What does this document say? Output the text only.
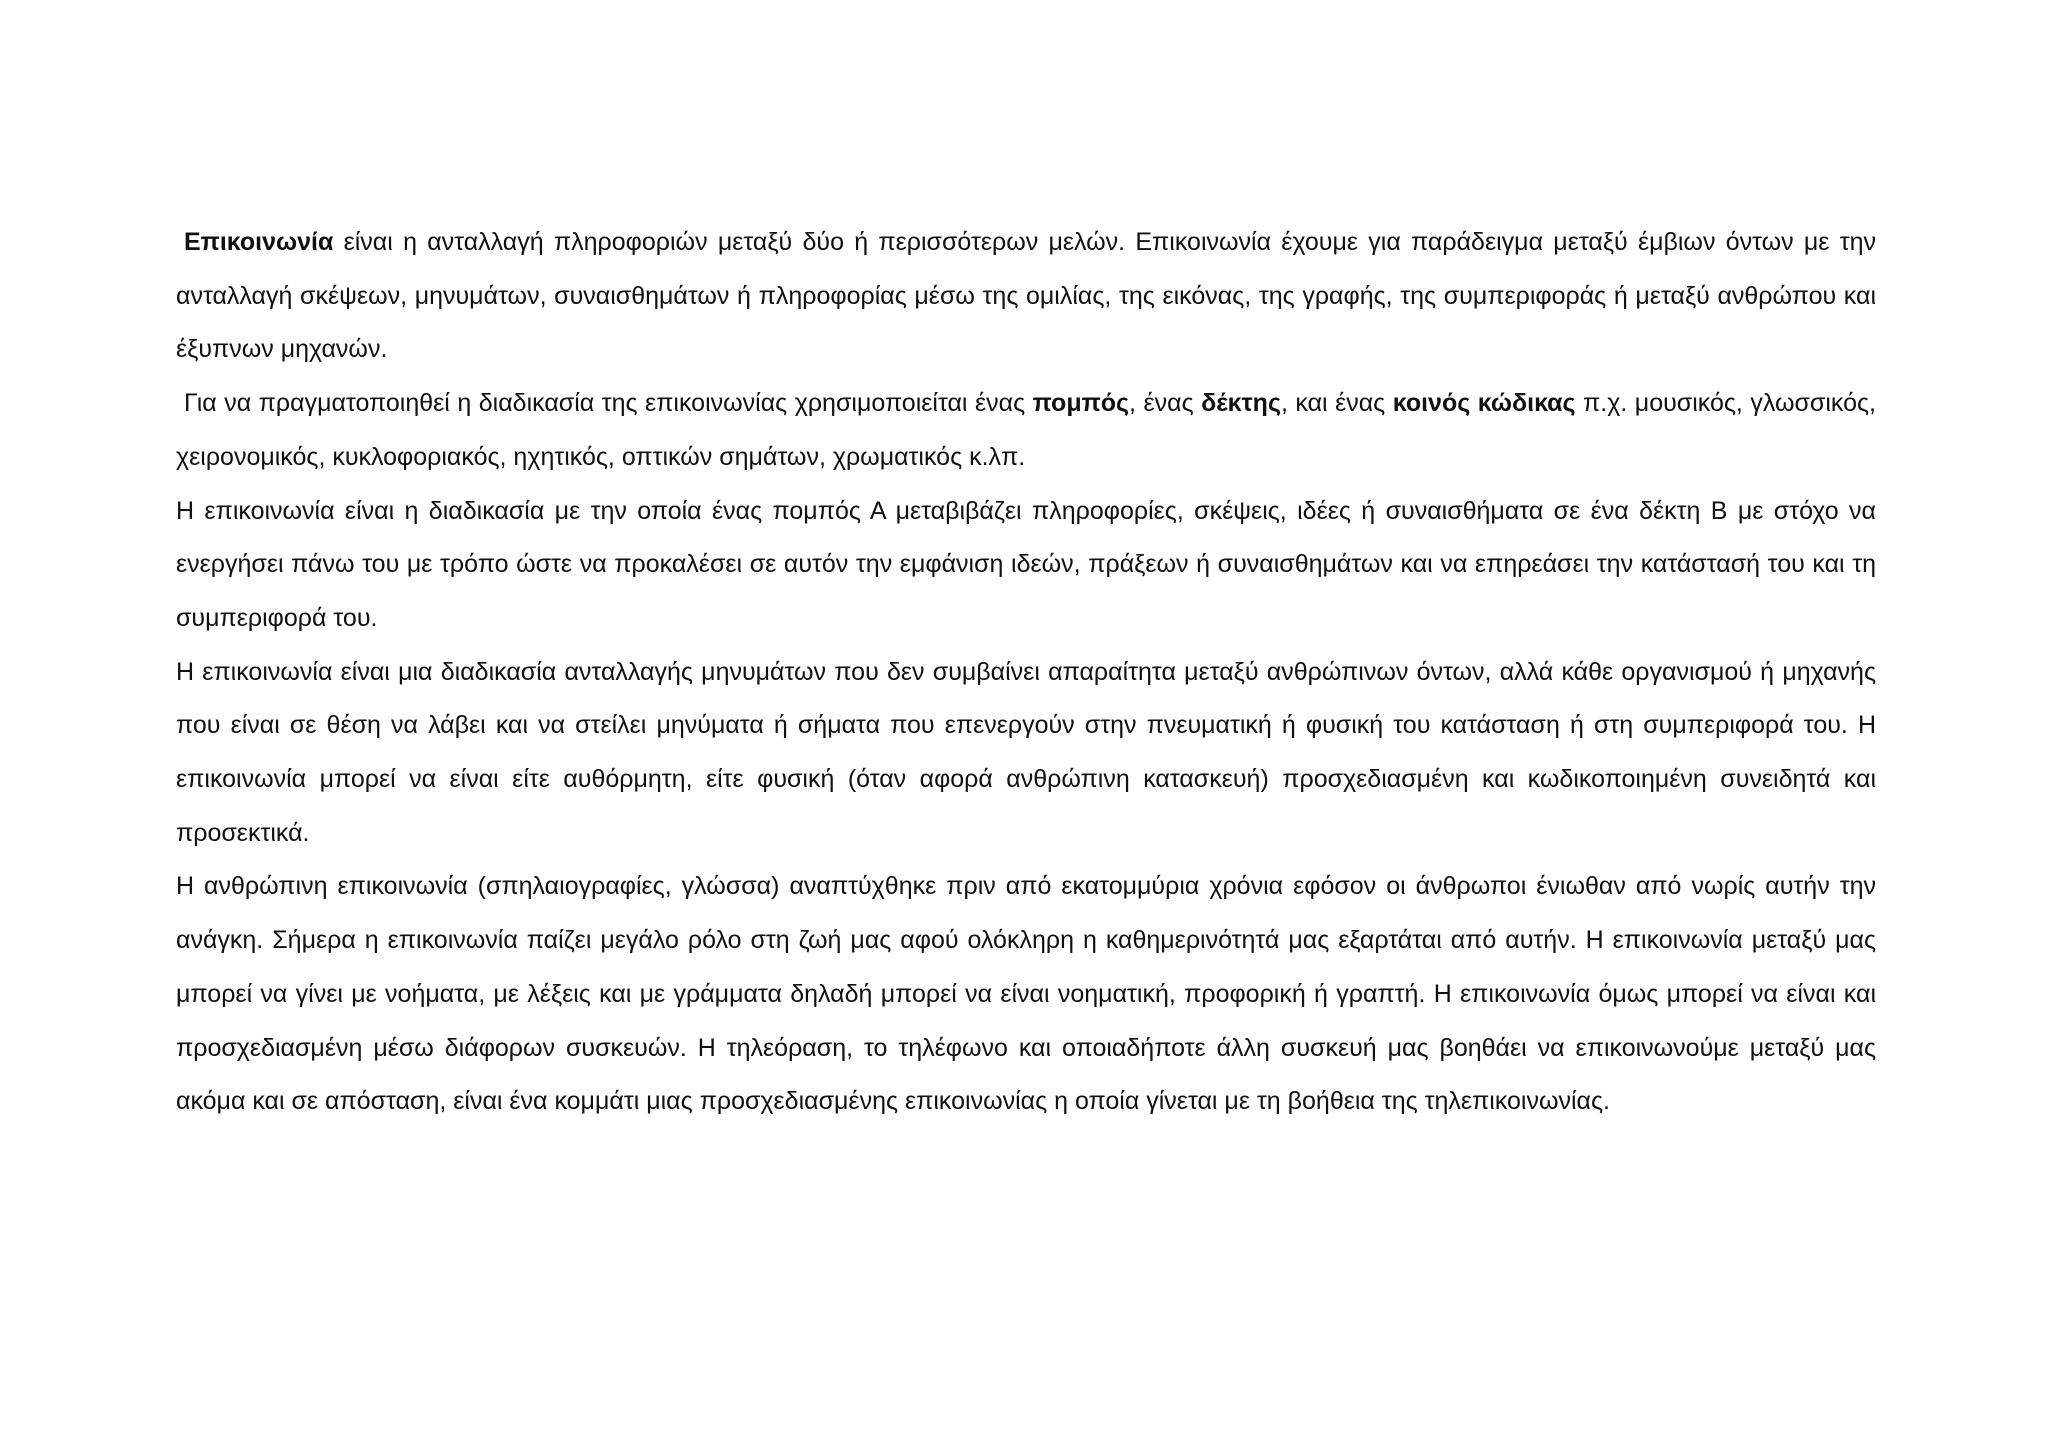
Επικοινωνία είναι η ανταλλαγή πληροφοριών μεταξύ δύο ή περισσότερων μελών. Επικοινωνία έχουμε για παράδειγμα μεταξύ έμβιων όντων με την ανταλλαγή σκέψεων, μηνυμάτων, συναισθημάτων ή πληροφορίας μέσω της ομιλίας, της εικόνας, της γραφής, της συμπεριφοράς ή μεταξύ ανθρώπου και έξυπνων μηχανών.

Για να πραγματοποιηθεί η διαδικασία της επικοινωνίας χρησιμοποιείται ένας πομπός, ένας δέκτης, και ένας κοινός κώδικας π.χ. μουσικός, γλωσσικός, χειρονομικός, κυκλοφοριακός, ηχητικός, οπτικών σημάτων, χρωματικός κ.λπ.

Η επικοινωνία είναι η διαδικασία με την οποία ένας πομπός Α μεταβιβάζει πληροφορίες, σκέψεις, ιδέες ή συναισθήματα σε ένα δέκτη Β με στόχο να ενεργήσει πάνω του με τρόπο ώστε να προκαλέσει σε αυτόν την εμφάνιση ιδεών, πράξεων ή συναισθημάτων και να επηρεάσει την κατάστασή του και τη συμπεριφορά του.

Η επικοινωνία είναι μια διαδικασία ανταλλαγής μηνυμάτων που δεν συμβαίνει απαραίτητα μεταξύ ανθρώπινων όντων, αλλά κάθε οργανισμού ή μηχανής που είναι σε θέση να λάβει και να στείλει μηνύματα ή σήματα που επενεργούν στην πνευματική ή φυσική του κατάσταση ή στη συμπεριφορά του. Η επικοινωνία μπορεί να είναι είτε αυθόρμητη, είτε φυσική (όταν αφορά ανθρώπινη κατασκευή) προσχεδιασμένη και κωδικοποιημένη συνειδητά και προσεκτικά.

Η ανθρώπινη επικοινωνία (σπηλαιογραφίες, γλώσσα) αναπτύχθηκε πριν από εκατομμύρια χρόνια εφόσον οι άνθρωποι ένιωθαν από νωρίς αυτήν την ανάγκη. Σήμερα η επικοινωνία παίζει μεγάλο ρόλο στη ζωή μας αφού ολόκληρη η καθημερινότητά μας εξαρτάται από αυτήν. Η επικοινωνία μεταξύ μας μπορεί να γίνει με νοήματα, με λέξεις και με γράμματα δηλαδή μπορεί να είναι νοηματική, προφορική ή γραπτή. Η επικοινωνία όμως μπορεί να είναι και προσχεδιασμένη μέσω διάφορων συσκευών. Η τηλεόραση, το τηλέφωνο και οποιαδήποτε άλλη συσκευή μας βοηθάει να επικοινωνούμε μεταξύ μας ακόμα και σε απόσταση, είναι ένα κομμάτι μιας προσχεδιασμένης επικοινωνίας η οποία γίνεται με τη βοήθεια της τηλεπικοινωνίας.
